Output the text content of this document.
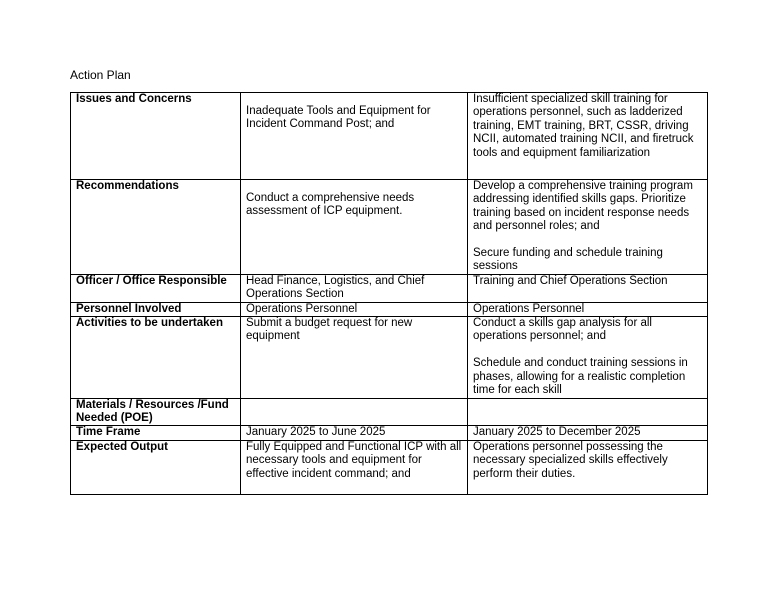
Action Plan
Issues and Concerns	Inadequate Tools and Equipment for Incident Command Post; and	Insufficient specialized skill training for operations personnel, such as ladderized training, EMT training, BRT, CSSR, driving NCII, automated training NCII, and firetruck tools and equipment familiarization
Recommendations	Conduct a comprehensive needs assessment of ICP equipment.	Develop a comprehensive training program addressing identified skills gaps. Prioritize training based on incident response needs and personnel roles; and

Secure funding and schedule training sessions
Officer / Office Responsible	Head Finance, Logistics, and Chief Operations Section	Training and Chief Operations Section
Personnel Involved	Operations Personnel	Operations Personnel
Activities to be undertaken	Submit a budget request for new equipment	Conduct a skills gap analysis for all operations personnel; and

Schedule and conduct training sessions in phases, allowing for a realistic completion time for each skill
Materials / Resources /Fund Needed (POE)		
Time Frame	January 2025 to June 2025	January 2025 to December 2025
Expected Output	Fully Equipped and Functional ICP with all necessary tools and equipment for effective incident command; and	Operations personnel possessing the necessary specialized skills effectively perform their duties.
